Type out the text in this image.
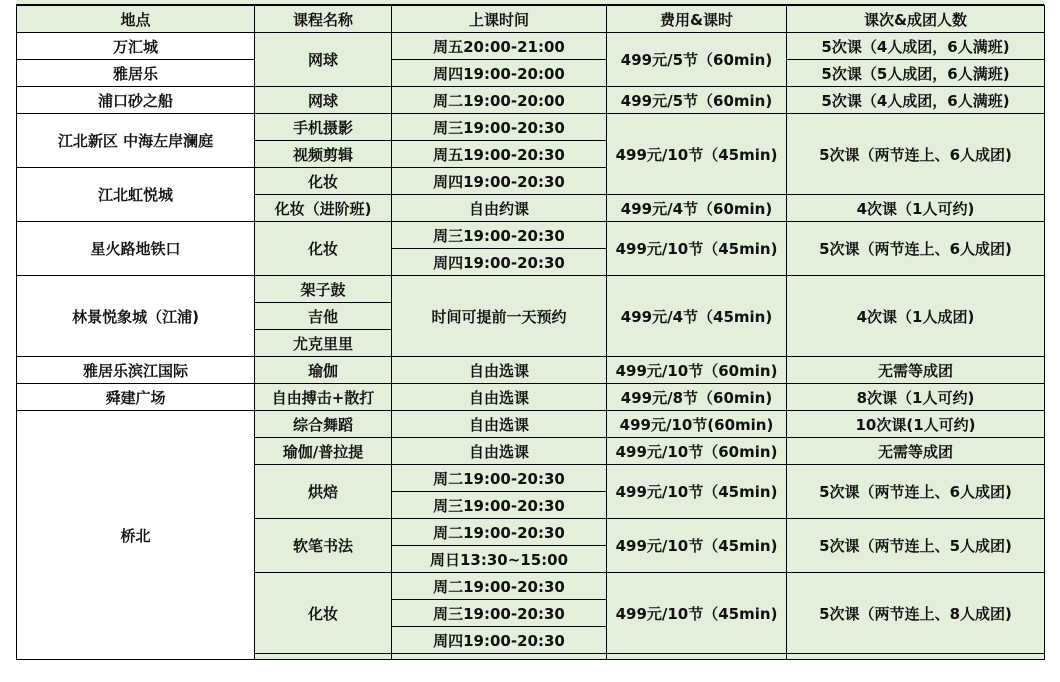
地点	课程名称	上课时间	费用&课时	课次&成团人数
万汇城	网球	周五20:00-21:00	499元/5节（60min)	5次课（4人成团，6人满班)
雅居乐		周四19:00-20:00		5次课（5人成团，6人满班)
浦口砂之船	网球	周二19:00-20:00	499元/5节（60min)	5次课（4人成团，6人满班)
江北新区 中海左岸澜庭	手机摄影	周三19:00-20:30	499元/10节（45min)	5次课（两节连上、6人成团)
	视频剪辑	周五19:00-20:30		
江北虹悦城	化妆	周四19:00-20:30		
	化妆（进阶班)	自由约课	499元/4节（60min)	4次课（1人可约)
星火路地铁口	化妆	周三19:00-20:30	499元/10节（45min)	5次课（两节连上、6人成团)
		周四19:00-20:30		
林景悦象城（江浦)	架子鼓	时间可提前一天预约	499元/4节（45min)	4次课（1人成团)
	吉他			
	尤克里里			
雅居乐滨江国际	瑜伽	自由选课	499元/10节（60min)	无需等成团
舜建广场	自由搏击+散打	自由选课	499元/8节（60min)	8次课（1人可约)
桥北	综合舞蹈	自由选课	499元/10节(60min)	10次课(1人可约)
	瑜伽/普拉提	自由选课	499元/10节（60min)	无需等成团
	烘焙	周二19:00-20:30	499元/10节（45min)	5次课（两节连上、6人成团)
		周三19:00-20:30		
	软笔书法	周二19:00-20:30	499元/10节（45min)	5次课（两节连上、5人成团)
		周日13:30~15:00		
	化妆	周二19:00-20:30	499元/10节（45min)	5次课（两节连上、8人成团)
		周三19:00-20:30		
		周四19:00-20:30		
